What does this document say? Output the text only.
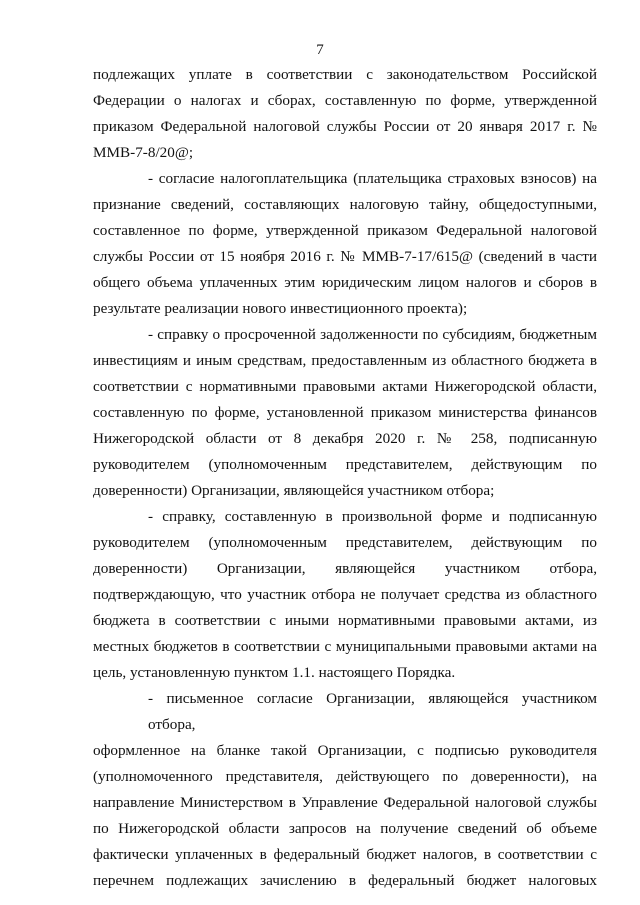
7
подлежащих уплате в соответствии с законодательством Российской
Федерации о налогах и сборах, составленную по форме, утвержденной
приказом Федеральной налоговой службы России от 20 января 2017 г. №
ММВ-7-8/20@;
- согласие налогоплательщика (плательщика страховых взносов) на
признание сведений, составляющих налоговую тайну, общедоступными,
составленное по форме, утвержденной приказом Федеральной налоговой
службы России от 15 ноября 2016 г. № ММВ-7-17/615@ (сведений в части
общего объема уплаченных этим юридическим лицом налогов и сборов в
результате реализации нового инвестиционного проекта);
- справку о просроченной задолженности по субсидиям, бюджетным
инвестициям и иным средствам, предоставленным из областного бюджета в
соответствии с нормативными правовыми актами Нижегородской области,
составленную по форме, установленной приказом министерства финансов
Нижегородской области от 8 декабря 2020 г. № 258, подписанную
руководителем (уполномоченным представителем, действующим по
доверенности) Организации, являющейся участником отбора;
- справку, составленную в произвольной форме и подписанную
руководителем (уполномоченным представителем, действующим по
доверенности) Организации, являющейся участником отбора,
подтверждающую, что участник отбора не получает средства из областного
бюджета в соответствии с иными нормативными правовыми актами, из
местных бюджетов в соответствии с муниципальными правовыми актами на
цель, установленную пунктом 1.1. настоящего Порядка.
- письменное согласие Организации, являющейся участником отбора,
оформленное на бланке такой Организации, с подписью руководителя
(уполномоченного представителя, действующего по доверенности), на
направление Министерством в Управление Федеральной налоговой службы
по Нижегородской области запросов на получение сведений об объеме
фактически уплаченных в федеральный бюджет налогов, в соответствии с
перечнем подлежащих зачислению в федеральный бюджет налоговых
